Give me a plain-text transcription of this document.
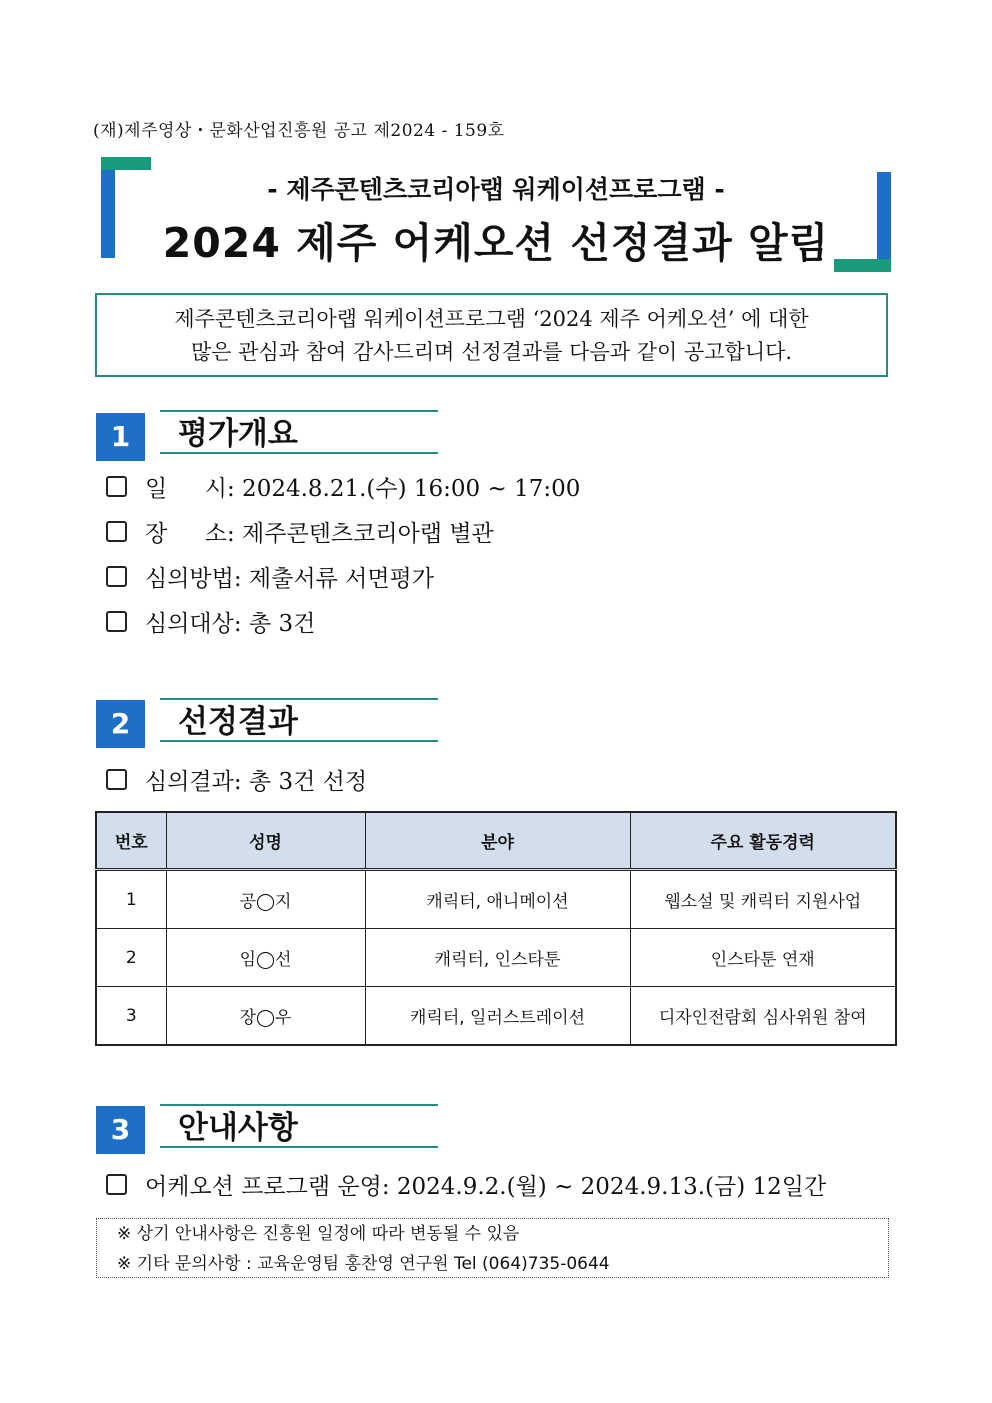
(재)제주영상・문화산업진흥원 공고 제2024 - 159호
- 제주콘텐츠코리아랩 워케이션프로그램 -
2024 제주 어케오션 선정결과 알림
제주콘텐츠코리아랩 워케이션프로그램 ‘2024 제주 어케오션’ 에 대한
많은 관심과 참여 감사드리며 선정결과를 다음과 같이 공고합니다.
1	평가개요
일 시 : 2024.8.21.(수) 16:00 ~ 17:00
장 소 : 제주콘텐츠코리아랩 별관
심의방법 : 제출서류 서면평가
심의대상 : 총 3건
2	선정결과
심의결과 : 총 3건 선정
번호	성명	분야	주요 활동경력
1	공◯지	캐릭터, 애니메이션	웹소설 및 캐릭터 지원사업
2	임◯선	캐릭터, 인스타툰	인스타툰 연재
3	장◯우	캐릭터, 일러스트레이션	디자인전람회 심사위원 참여
3	안내사항
어케오션 프로그램 운영 : 2024.9.2.(월) ~ 2024.9.13.(금) 12일간
※ 상기 안내사항은 진흥원 일정에 따라 변동될 수 있음
※ 기타 문의사항 : 교육운영팀 홍찬영 연구원 Tel (064)735-0644
